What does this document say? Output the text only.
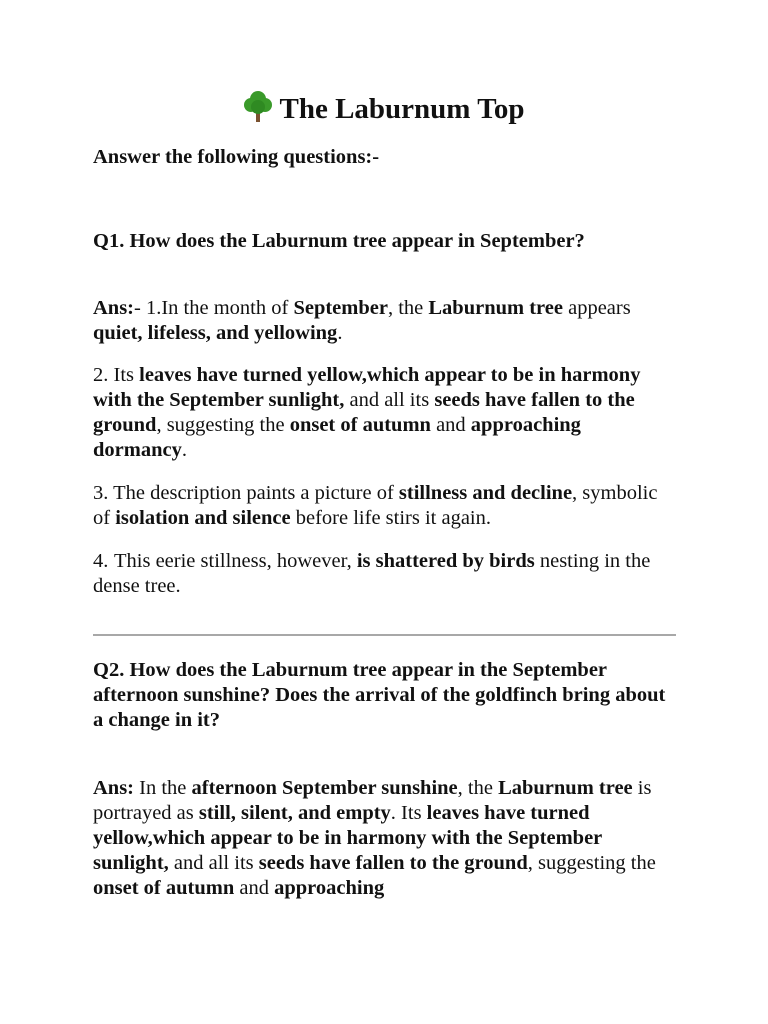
The Laburnum Top
Answer the following questions:-
Q1. How does the Laburnum tree appear in September?
Ans:- 1.In the month of September, the Laburnum tree appears quiet, lifeless, and yellowing.
2. Its leaves have turned yellow,which appear to be in harmony with the September sunlight, and all its seeds have fallen to the ground, suggesting the onset of autumn and approaching dormancy.
3. The description paints a picture of stillness and decline, symbolic of isolation and silence before life stirs it again.
4. This eerie stillness, however, is shattered by birds nesting in the dense tree.
Q2. How does the Laburnum tree appear in the September afternoon sunshine? Does the arrival of the goldfinch bring about a change in it?
Ans: In the afternoon September sunshine, the Laburnum tree is portrayed as still, silent, and empty. Its leaves have turned yellow,which appear to be in harmony with the September sunlight, and all its seeds have fallen to the ground, suggesting the onset of autumn and approaching
